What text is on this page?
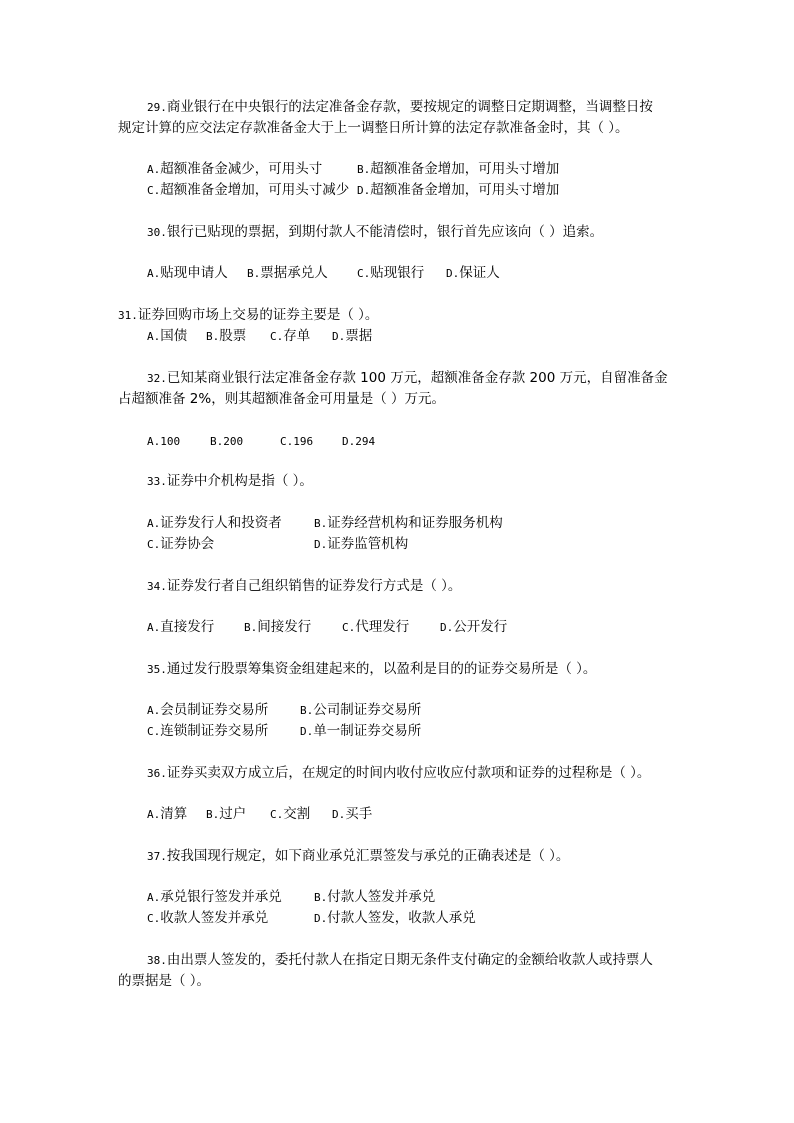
29.商业银行在中央银行的法定准备金存款，要按规定的调整日定期调整，当调整日按
规定计算的应交法定存款准备金大于上一调整日所计算的法定存款准备金时，其（ ）。
A.超额准备金减少，可用头寸	B.超额准备金增加，可用头寸增加
C.超额准备金增加，可用头寸减少 D.超额准备金增加，可用头寸增加
30.银行已贴现的票据，到期付款人不能清偿时，银行首先应该向（ ）追索。
A.贴现申请人 B.票据承兑人	C.贴现银行 D.保证人
31.证券回购市场上交易的证券主要是（ ）。
A.国债 B.股票 C.存单 D.票据
32.已知某商业银行法定准备金存款 100 万元，超额准备金存款 200 万元，自留准备金
占超额准备 2%，则其超额准备金可用量是（ ）万元。
A.100	B.200	C.196	D.294
33.证券中介机构是指（ ）。
A.证券发行人和投资者	B.证券经营机构和证券服务机构
C.证券协会	D.证券监管机构
34.证券发行者自己组织销售的证券发行方式是（ ）。
A.直接发行	B.间接发行	C.代理发行	D.公开发行
35.通过发行股票筹集资金组建起来的，以盈利是目的的证券交易所是（ ）。
A.会员制证券交易所	B.公司制证券交易所
C.连锁制证券交易所	D.单一制证券交易所
36.证券买卖双方成立后，在规定的时间内收付应收应付款项和证券的过程称是（ ）。
A.清算 B.过户 C.交割 D.买手
37.按我国现行规定，如下商业承兑汇票签发与承兑的正确表述是（ ）。
A.承兑银行签发并承兑	B.付款人签发并承兑
C.收款人签发并承兑	D.付款人签发，收款人承兑
38.由出票人签发的，委托付款人在指定日期无条件支付确定的金额给收款人或持票人
的票据是（ ）。
